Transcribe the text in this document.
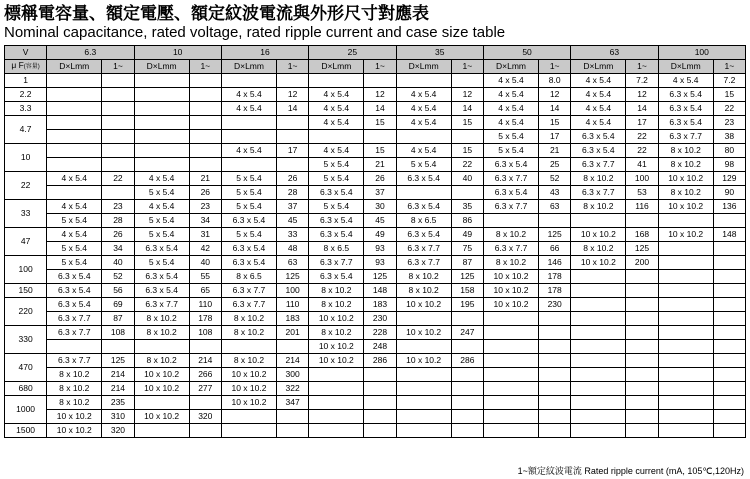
標稱電容量、額定電壓、額定紋波電流與外形尺寸對應表
Nominal capacitance, rated voltage, rated ripple current and case size table
V	6.3		10		16		25		35		50		63		100	
μ F(容量)	D×Lmm	1~	D×Lmm	1~	D×Lmm	1~	D×Lmm	1~	D×Lmm	1~	D×Lmm	1~	D×Lmm	1~	D×Lmm	1~
1											4 x 5.4	8.0	4 x 5.4	7.2	4 x 5.4	7.2
2.2					4 x 5.4	12	4 x 5.4	12	4 x 5.4	12	4 x 5.4	12	4 x 5.4	12	6.3 x 5.4	15
3.3					4 x 5.4	14	4 x 5.4	14	4 x 5.4	14	4 x 5.4	14	4 x 5.4	14	6.3 x 5.4	22
4.7							4 x 5.4	15	4 x 5.4	15	4 x 5.4	15	4 x 5.4	17	6.3 x 5.4	23
											5 x 5.4	17	6.3 x 5.4	22	6.3 x 7.7	38
10					4 x 5.4	17	4 x 5.4	15	4 x 5.4	15	5 x 5.4	21	6.3 x 5.4	22	8 x 10.2	80
							5 x 5.4	21	5 x 5.4	22	6.3 x 5.4	25	6.3 x 7.7	41	8 x 10.2	98
22	4 x 5.4	22	4 x 5.4	21	5 x 5.4	26	5 x 5.4	26	6.3 x 5.4	40	6.3 x 7.7	52	8 x 10.2	100	10 x 10.2	129
			5 x 5.4	26	5 x 5.4	28	6.3 x 5.4	37			6.3 x 5.4	43	6.3 x 7.7	53	8 x 10.2	90
33	4 x 5.4	23	4 x 5.4	23	5 x 5.4	37	5 x 5.4	30	6.3 x 5.4	35	6.3 x 7.7	63	8 x 10.2	116	10 x 10.2	136
	5 x 5.4	28	5 x 5.4	34	6.3 x 5.4	45	6.3 x 5.4	45	8 x 6.5	86						
47	4 x 5.4	26	5 x 5.4	31	5 x 5.4	33	6.3 x 5.4	49	6.3 x 5.4	49	8 x 10.2	125	10 x 10.2	168	10 x 10.2	148
	5 x 5.4	34	6.3 x 5.4	42	6.3 x 5.4	48	8 x 6.5	93	6.3 x 7.7	75	6.3 x 7.7	66	8 x 10.2	125		
100	5 x 5.4	40	5 x 5.4	40	6.3 x 5.4	63	6.3 x 7.7	93	6.3 x 7.7	87	8 x 10.2	146	10 x 10.2	200		
	6.3 x 5.4	52	6.3 x 5.4	55	8 x 6.5	125	6.3 x 5.4	125	8 x 10.2	125	10 x 10.2	178				
150	6.3 x 5.4	56	6.3 x 5.4	65	6.3 x 7.7	100	8 x 10.2	148	8 x 10.2	158	10 x 10.2	178				
220	6.3 x 5.4	69	6.3 x 7.7	110	6.3 x 7.7	110	8 x 10.2	183	10 x 10.2	195	10 x 10.2	230				
	6.3 x 7.7	87	8 x 10.2	178	8 x 10.2	183	10 x 10.2	230								
330	6.3 x 7.7	108	8 x 10.2	108	8 x 10.2	201	8 x 10.2	228	10 x 10.2	247						
							10 x 10.2	248								
470	6.3 x 7.7	125	8 x 10.2	214	8 x 10.2	214	10 x 10.2	286	10 x 10.2	286						
	8 x 10.2	214	10 x 10.2	266	10 x 10.2	300										
680	8 x 10.2	214	10 x 10.2	277	10 x 10.2	322										
1000	8 x 10.2	235			10 x 10.2	347										
	10 x 10.2	310	10 x 10.2	320												
1500	10 x 10.2	320														
1~額定紋波電流 Rated ripple current (mA, 105℃,120Hz)
